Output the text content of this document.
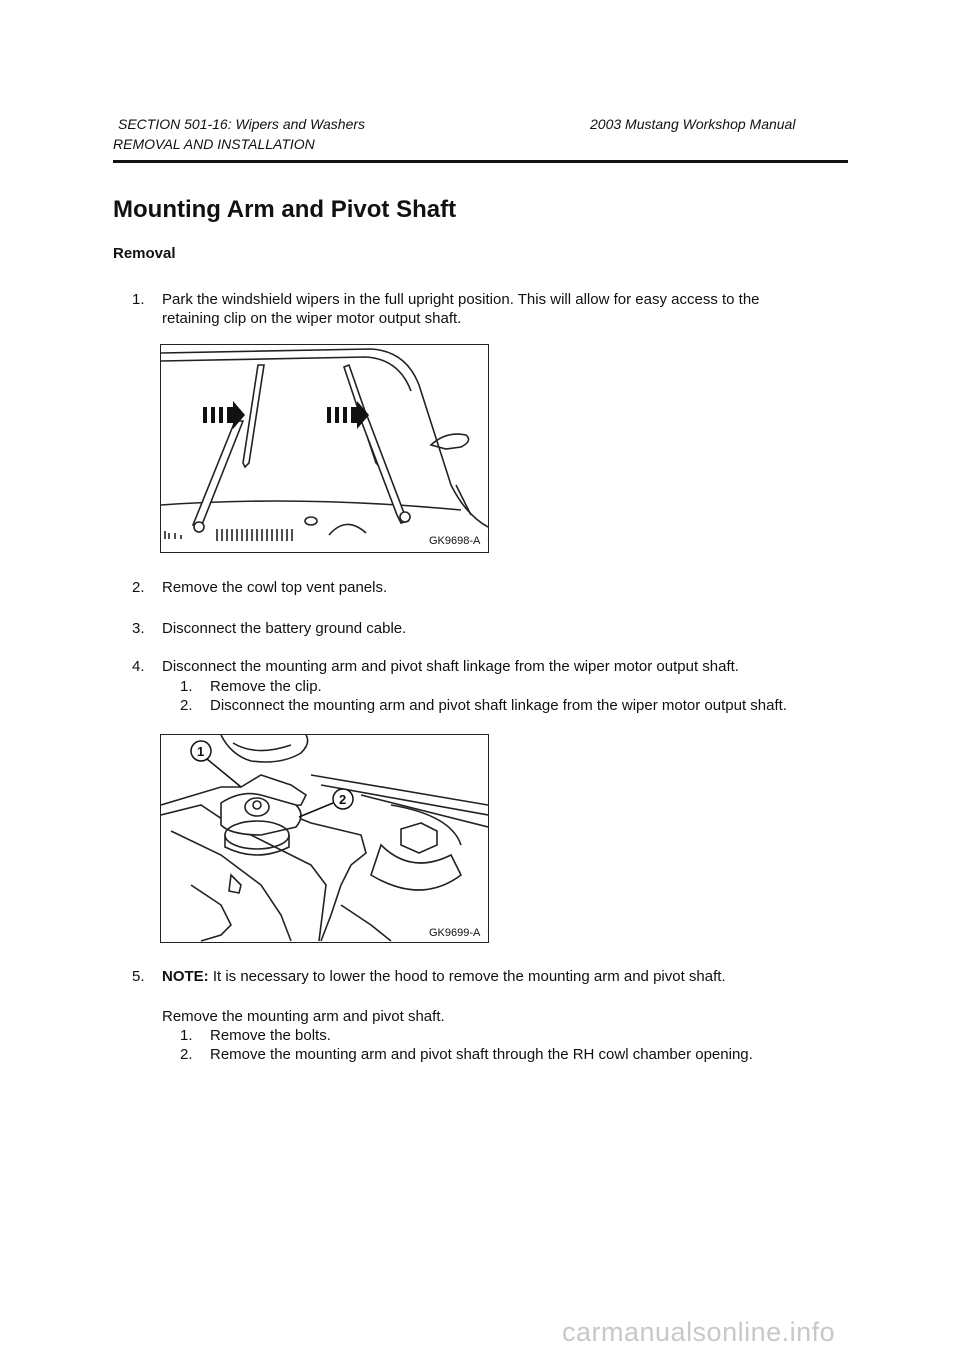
SECTION 501-16: Wipers and Washers	2003 Mustang Workshop Manual
REMOVAL AND INSTALLATION
Mounting Arm and Pivot Shaft
Removal
1.	Park the windshield wipers in the full upright position. This will allow for easy access to the
retaining clip on the wiper motor output shaft.
GK9698-A
2.	Remove the cowl top vent panels.
3.	Disconnect the battery ground cable.
4.	Disconnect the mounting arm and pivot shaft linkage from the wiper motor output shaft.
1. Remove the clip.
2. Disconnect the mounting arm and pivot shaft linkage from the wiper motor output shaft.
1
2
GK9699-A
5.	NOTE: It is necessary to lower the hood to remove the mounting arm and pivot shaft.
Remove the mounting arm and pivot shaft.
1. Remove the bolts.
2. Remove the mounting arm and pivot shaft through the RH cowl chamber opening.
carmanualsonline.info
